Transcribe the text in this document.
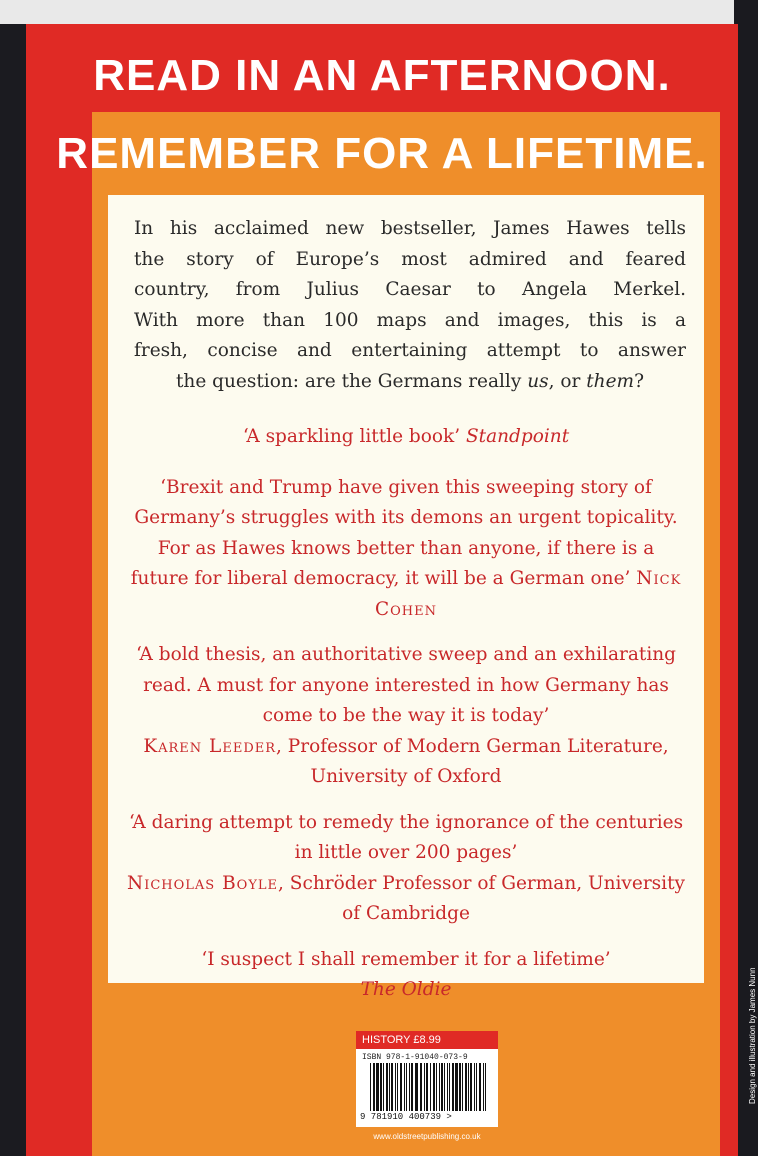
READ IN AN AFTERNOON.
REMEMBER FOR A LIFETIME.
In his acclaimed new bestseller, James Hawes tells
the story of Europe’s most admired and feared
country, from Julius Caesar to Angela Merkel.
With more than 100 maps and images, this is a
fresh, concise and entertaining attempt to answer
the question: are the Germans really us, or them?

‘A sparkling little book’ Standpoint

‘Brexit and Trump have given this sweeping story of Germany’s struggles with its demons an urgent topicality. For as Hawes knows better than anyone, if there is a future for liberal democracy, it will be a German one’ Nick Cohen

‘A bold thesis, an authoritative sweep and an exhilarating read. A must for anyone interested in how Germany has come to be the way it is today’
Karen Leeder, Professor of Modern German Literature, University of Oxford

‘A daring attempt to remedy the ignorance of the centuries in little over 200 pages’
Nicholas Boyle, Schröder Professor of German, University of Cambridge

‘I suspect I shall remember it for a lifetime’
The Oldie

HISTORY £8.99
ISBN 978-1-91040-073-9
9 781910 400739 >
www.oldstreetpublishing.co.uk
Design and illustration by James Nunn
